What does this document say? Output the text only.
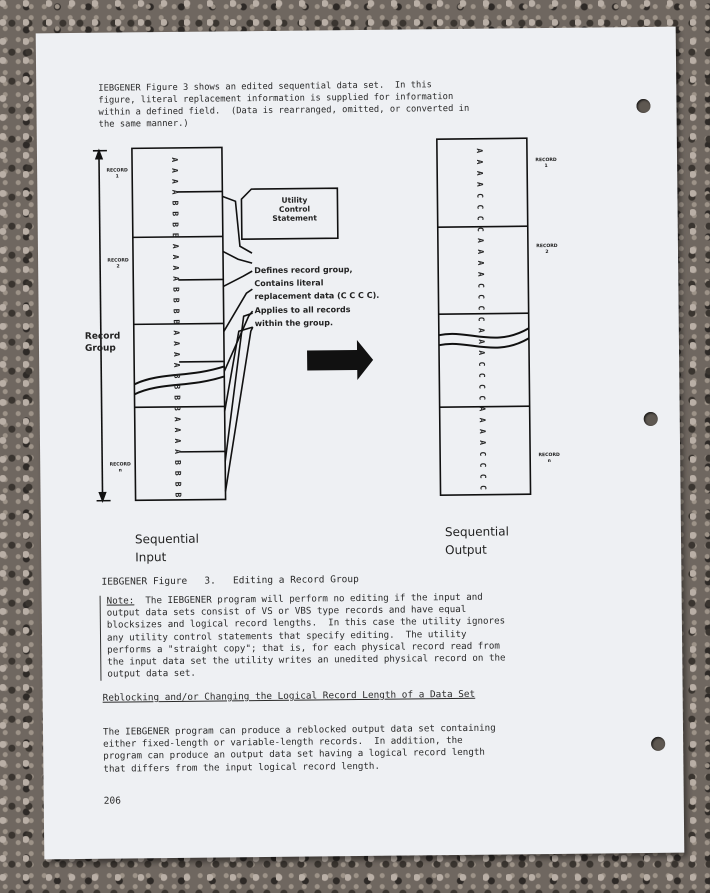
IEBGENER Figure 3 shows an edited sequential data set.  In this
figure, literal replacement information is supplied for information
within a defined field.  (Data is rearranged, omitted, or converted in
the same manner.)
A
A
A
A
B
B
B
B
A
A
A
A
B
B
B
B
A
A
A
A
B
B
B
B
A
A
A
A
B
B
B
B
A
A
A
A
C
C
C
C
A
A
A
A
C
C
C
C
A
A
A
C
C
C
C
A
A
A
A
C
C
C
C
Record
Group
RECORD
1
RECORD
2
RECORD
n
RECORD
1
RECORD
2
RECORD
n
Utility
Control
Statement
Defines record group,
Contains literal
replacement data (C C C C).
Applies to all records
within the group.
Sequential
Input
Sequential
Output
IEBGENER Figure   3.   Editing a Record Group
Note:  The IEBGENER program will perform no editing if the input and
output data sets consist of VS or VBS type records and have equal
blocksizes and logical record lengths.  In this case the utility ignores
any utility control statements that specify editing.  The utility
performs a "straight copy"; that is, for each physical record read from
the input data set the utility writes an unedited physical record on the
output data set.
Reblocking and/or Changing the Logical Record Length of a Data Set
The IEBGENER program can produce a reblocked output data set containing
either fixed-length or variable-length records.  In addition, the
program can produce an output data set having a logical record length
that differs from the input logical record length.
206
